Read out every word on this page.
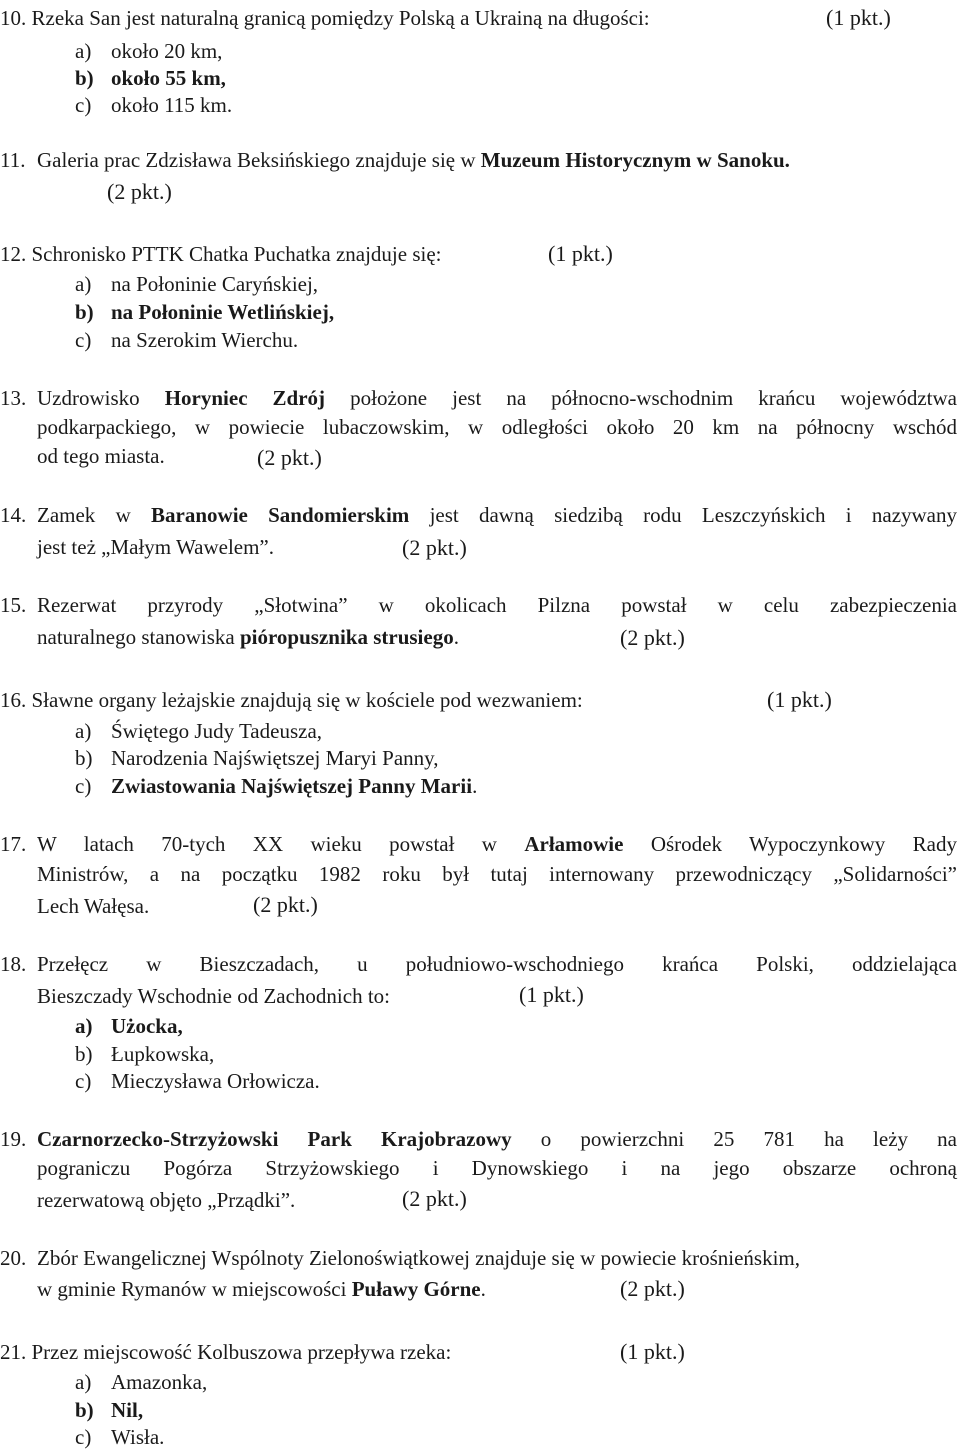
10. Rzeka San jest naturalną granicą pomiędzy Polską a Ukrainą na długości:	(1 pkt.)
a) około 20 km,
b) około 55 km,
c) około 115 km.
11. Galeria prac Zdzisława Beksińskiego znajduje się w Muzeum Historycznym w Sanoku.
(2 pkt.)
12. Schronisko PTTK Chatka Puchatka znajduje się:	(1 pkt.)
a) na Połoninie Caryńskiej,
b) na Połoninie Wetlińskiej,
c) na Szerokim Wierchu.
13. Uzdrowisko Horyniec Zdrój położone jest na północno-wschodnim krańcu województwa
podkarpackiego, w powiecie lubaczowskim, w odległości około 20 km na północny wschód
od tego miasta.	(2 pkt.)
14. Zamek w Baranowie Sandomierskim jest dawną siedzibą rodu Leszczyńskich i nazywany
jest też „Małym Wawelem”.	(2 pkt.)
15. Rezerwat przyrody „Słotwina” w okolicach Pilzna powstał w celu zabezpieczenia
naturalnego stanowiska pióropusznika strusiego.	(2 pkt.)
16. Sławne organy leżajskie znajdują się w kościele pod wezwaniem:	(1 pkt.)
a) Świętego Judy Tadeusza,
b) Narodzenia Najświętszej Maryi Panny,
c) Zwiastowania Najświętszej Panny Marii.
17. W latach 70-tych XX wieku powstał w Arłamowie Ośrodek Wypoczynkowy Rady
Ministrów, a na początku 1982 roku był tutaj internowany przewodniczący „Solidarności”
Lech Wałęsa.	(2 pkt.)
18. Przełęcz w Bieszczadach, u południowo-wschodniego krańca Polski, oddzielająca
Bieszczady Wschodnie od Zachodnich to:	(1 pkt.)
a) Użocka,
b) Łupkowska,
c) Mieczysława Orłowicza.
19. Czarnorzecko-Strzyżowski Park Krajobrazowy o powierzchni 25 781 ha leży na
pograniczu Pogórza Strzyżowskiego i Dynowskiego i na jego obszarze ochroną
rezerwatową objęto „Prządki”.	(2 pkt.)
20. Zbór Ewangelicznej Wspólnoty Zielonoświątkowej znajduje się w powiecie krośnieńskim,
w gminie Rymanów w miejscowości Puławy Górne.	(2 pkt.)
21. Przez miejscowość Kolbuszowa przepływa rzeka:	(1 pkt.)
a) Amazonka,
b) Nil,
c) Wisła.
